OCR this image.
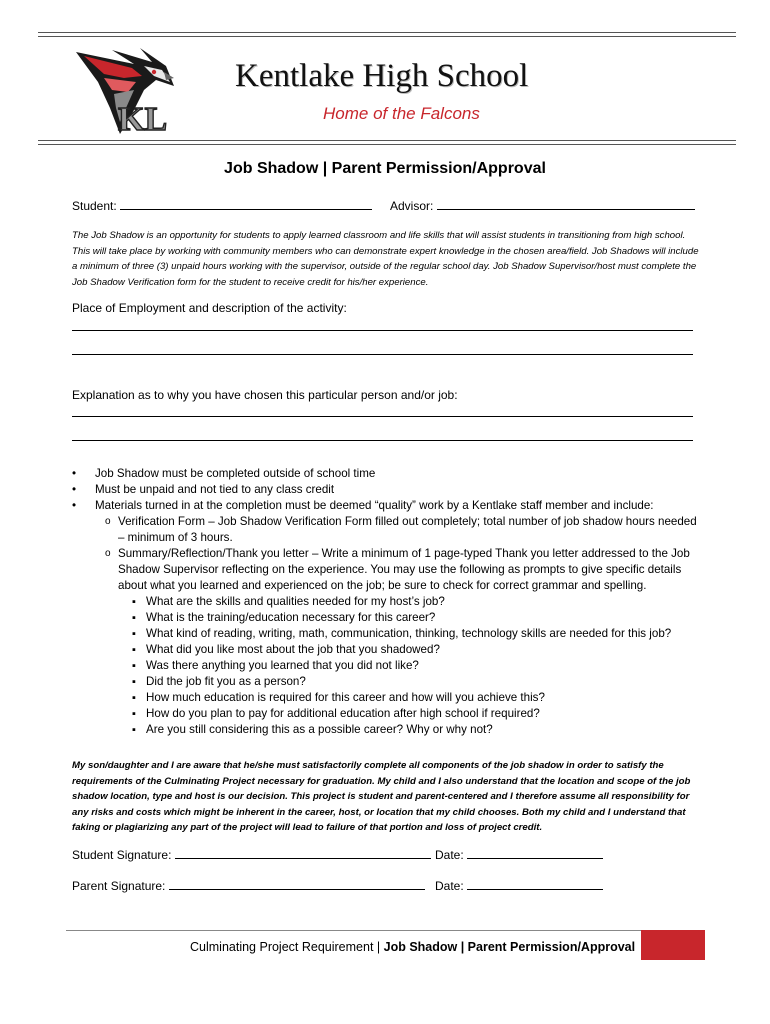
KL
Kentlake High School
Home of the Falcons
Job Shadow | Parent Permission/Approval
Student:	Advisor:
The Job Shadow is an opportunity for students to apply learned classroom and life skills that will assist students in transitioning from high school. This will take place by working with community members who can demonstrate expert knowledge in the chosen area/field. Job Shadows will include a minimum of three (3) unpaid hours working with the supervisor, outside of the regular school day. Job Shadow Supervisor/host must complete the Job Shadow Verification form for the student to receive credit for his/her experience.
Place of Employment and description of the activity:
Explanation as to why you have chosen this particular person and/or job:
• Job Shadow must be completed outside of school time
• Must be unpaid and not tied to any class credit
• Materials turned in at the completion must be deemed “quality” work by a Kentlake staff member and include:
o Verification Form – Job Shadow Verification Form filled out completely; total number of job shadow hours needed – minimum of 3 hours.
o Summary/Reflection/Thank you letter – Write a minimum of 1 page-typed Thank you letter addressed to the Job Shadow Supervisor reflecting on the experience. You may use the following as prompts to give specific details about what you learned and experienced on the job; be sure to check for correct grammar and spelling.
▪ What are the skills and qualities needed for my host’s job?
▪ What is the training/education necessary for this career?
▪ What kind of reading, writing, math, communication, thinking, technology skills are needed for this job?
▪ What did you like most about the job that you shadowed?
▪ Was there anything you learned that you did not like?
▪ Did the job fit you as a person?
▪ How much education is required for this career and how will you achieve this?
▪ How do you plan to pay for additional education after high school if required?
▪ Are you still considering this as a possible career? Why or why not?
My son/daughter and I are aware that he/she must satisfactorily complete all components of the job shadow in order to satisfy the requirements of the Culminating Project necessary for graduation. My child and I also understand that the location and scope of the job shadow location, type and host is our decision. This project is student and parent-centered and I therefore assume all responsibility for any risks and costs which might be inherent in the career, host, or location that my child chooses. Both my child and I understand that faking or plagiarizing any part of the project will lead to failure of that portion and loss of project credit.
Student Signature:	Date:
Parent Signature:	Date:
Culminating Project Requirement | Job Shadow | Parent Permission/Approval
